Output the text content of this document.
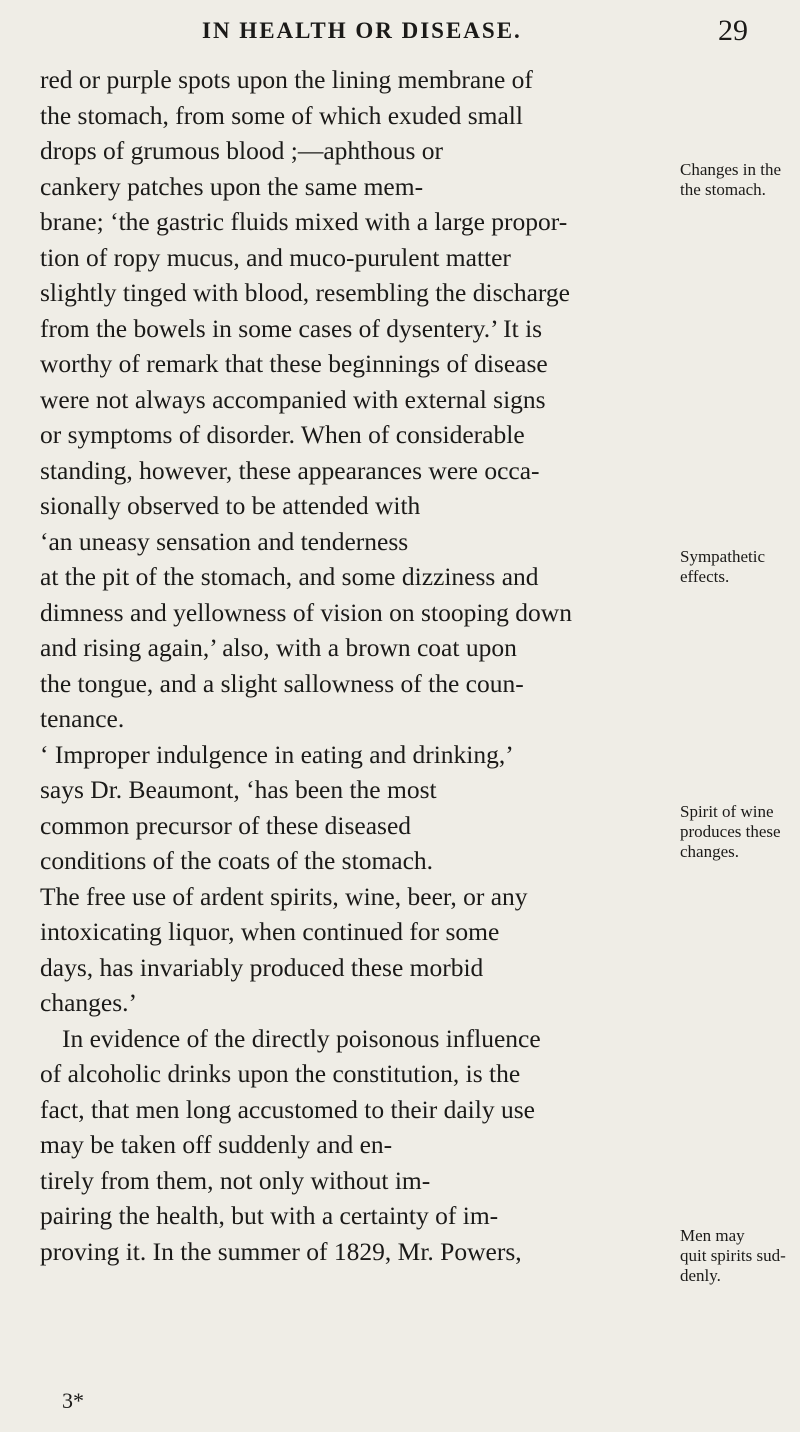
IN HEALTH OR DISEASE.	29
red or purple spots upon the lining membrane of
the stomach, from some of which exuded small
drops of grumous blood ;—aphthous or
cankery patches upon the same mem-
brane; ‘the gastric fluids mixed with a large propor-
tion of ropy mucus, and muco-purulent matter
slightly tinged with blood, resembling the discharge
from the bowels in some cases of dysentery.’ It is
worthy of remark that these beginnings of disease
were not always accompanied with external signs
or symptoms of disorder. When of considerable
standing, however, these appearances were occa-
sionally observed to be attended with
‘an uneasy sensation and tenderness
at the pit of the stomach, and some dizziness and
dimness and yellowness of vision on stooping down
and rising again,’ also, with a brown coat upon
the tongue, and a slight sallowness of the coun-
tenance.
‘ Improper indulgence in eating and drinking,’
says Dr. Beaumont, ‘has been the most
common precursor of these diseased
conditions of the coats of the stomach.
The free use of ardent spirits, wine, beer, or any
intoxicating liquor, when continued for some
days, has invariably produced these morbid
changes.’
In evidence of the directly poisonous influence
of alcoholic drinks upon the constitution, is the
fact, that men long accustomed to their daily use
may be taken off suddenly and en-
tirely from them, not only without im-
pairing the health, but with a certainty of im-
proving it. In the summer of 1829, Mr. Powers,
Changes in the
the stomach.
Sympathetic
effects.
Spirit of wine
produces these
changes.
Men may
quit spirits sud-
denly.
3*
